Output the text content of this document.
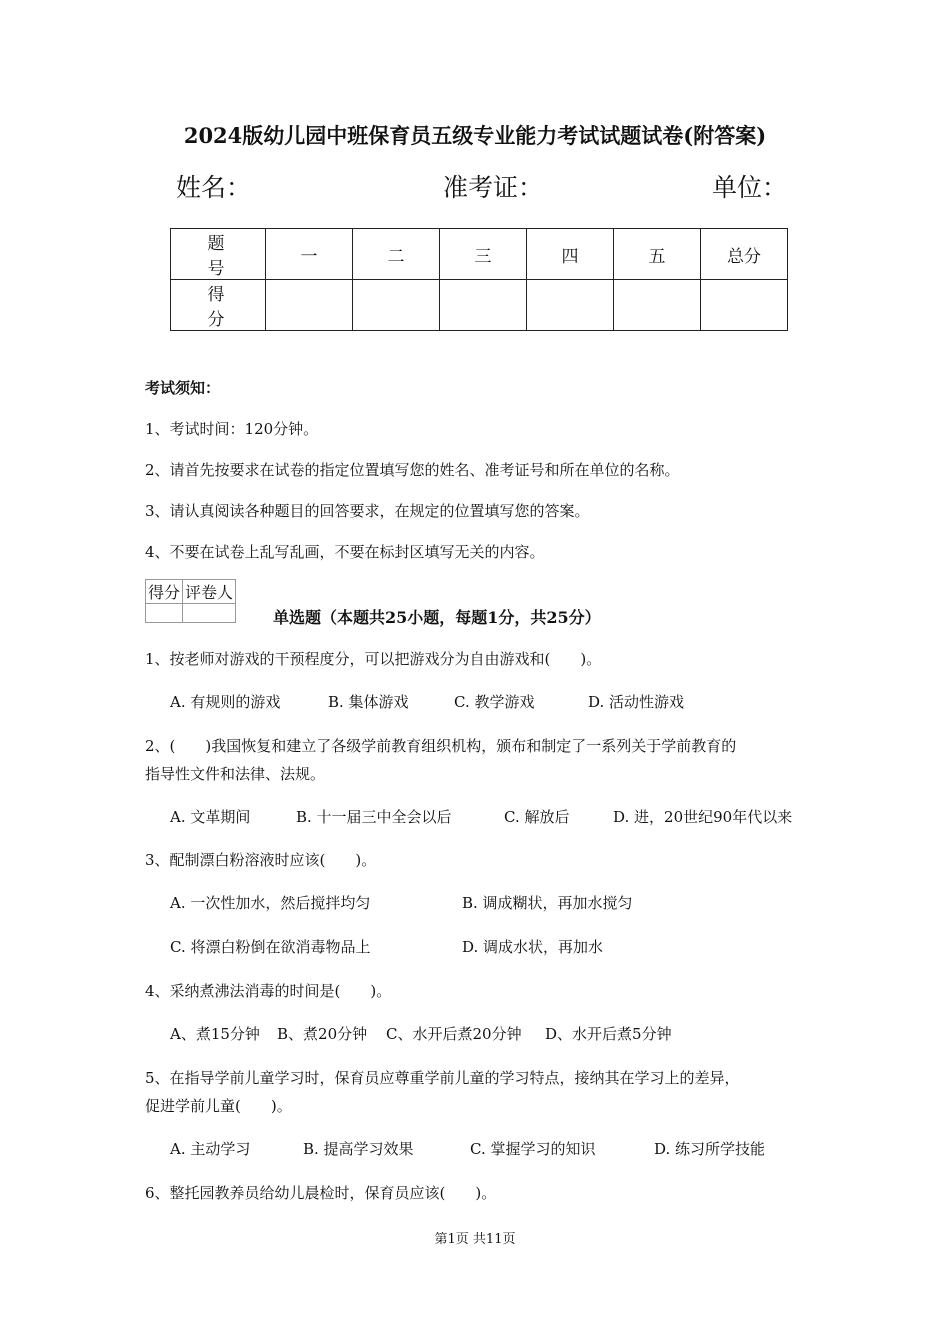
2024版幼儿园中班保育员五级专业能力考试试题试卷(附答案)
姓名：	准考证：	单位：
题　号	一	二	三	四	五	总分
得　分						
考试须知：
1、考试时间：120分钟。
2、请首先按要求在试卷的指定位置填写您的姓名、准考证号和所在单位的名称。
3、请认真阅读各种题目的回答要求，在规定的位置填写您的答案。
4、不要在试卷上乱写乱画，不要在标封区填写无关的内容。
得分	评卷人

单选题（本题共25小题，每题1分，共25分）
1、按老师对游戏的干预程度分，可以把游戏分为自由游戏和(　　)。
A. 有规则的游戏	B. 集体游戏	C. 教学游戏	D. 活动性游戏
2、(　　)我国恢复和建立了各级学前教育组织机构，颁布和制定了一系列关于学前教育的
指导性文件和法律、法规。
A. 文革期间	B. 十一届三中全会以后	C. 解放后	D. 进，20世纪90年代以来
3、配制漂白粉溶液时应该(　　)。
A. 一次性加水，然后搅拌均匀	B. 调成糊状，再加水搅匀
C. 将漂白粉倒在欲消毒物品上	D. 调成水状，再加水
4、采纳煮沸法消毒的时间是(　　)。
A、煮15分钟 B、煮20分钟 C、水开后煮20分钟 D、水开后煮5分钟
5、在指导学前儿童学习时，保育员应尊重学前儿童的学习特点，接纳其在学习上的差异，
促进学前儿童(　　)。
A. 主动学习	B. 提高学习效果	C. 掌握学习的知识	D. 练习所学技能
6、整托园教养员给幼儿晨检时，保育员应该(　　)。
第1页 共11页
